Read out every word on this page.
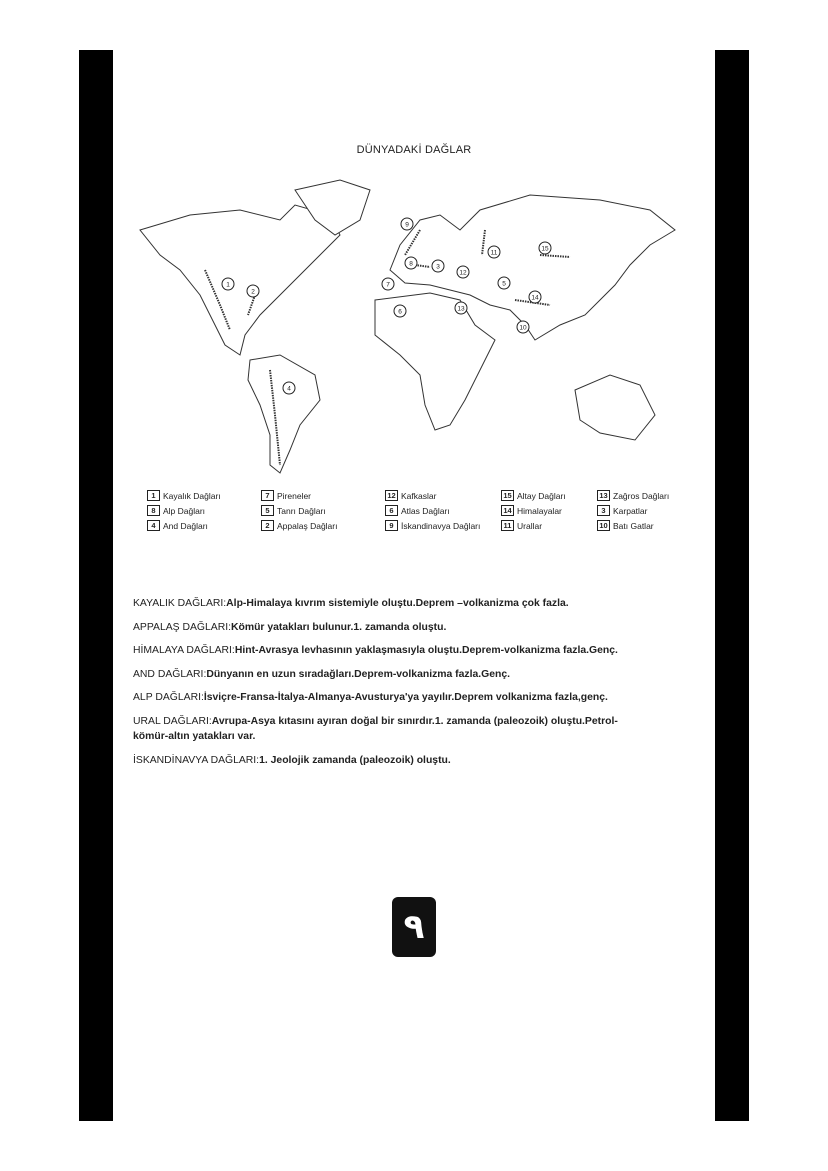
DÜNYADAKİ DAĞLAR
1
2
3
4
5
6
7
8
9
10
11
12
13
14
15
1 Kayalık Dağları
8 Alp Dağları
4 And Dağları
7 Pireneler
5 Tanrı Dağları
2 Appalaş Dağları
12 Kafkaslar
6 Atlas Dağları
9 İskandinavya Dağları
15 Altay Dağları
14 Himalayalar
11 Urallar
13 Zağros Dağları
3 Karpatlar
10 Batı Gatlar

KAYALIK DAĞLARI:Alp-Himalaya kıvrım sistemiyle oluştu.Deprem –volkanizma çok fazla.

APPALAŞ DAĞLARI:Kömür yatakları bulunur.1. zamanda oluştu.

HİMALAYA DAĞLARI:Hint-Avrasya levhasının yaklaşmasıyla oluştu.Deprem-volkanizma fazla.Genç.

AND DAĞLARI:Dünyanın en uzun sıradağları.Deprem-volkanizma fazla.Genç.

ALP DAĞLARI:İsviçre-Fransa-İtalya-Almanya-Avusturya'ya yayılır.Deprem volkanizma fazla,genç.

URAL DAĞLARI:Avrupa-Asya kıtasını ayıran doğal bir sınırdır.1. zamanda (paleozoik) oluştu.Petrol-kömür-altın yatakları var.

İSKANDİNAVYA DAĞLARI:1. Jeolojik zamanda (paleozoik) oluştu.

٩
